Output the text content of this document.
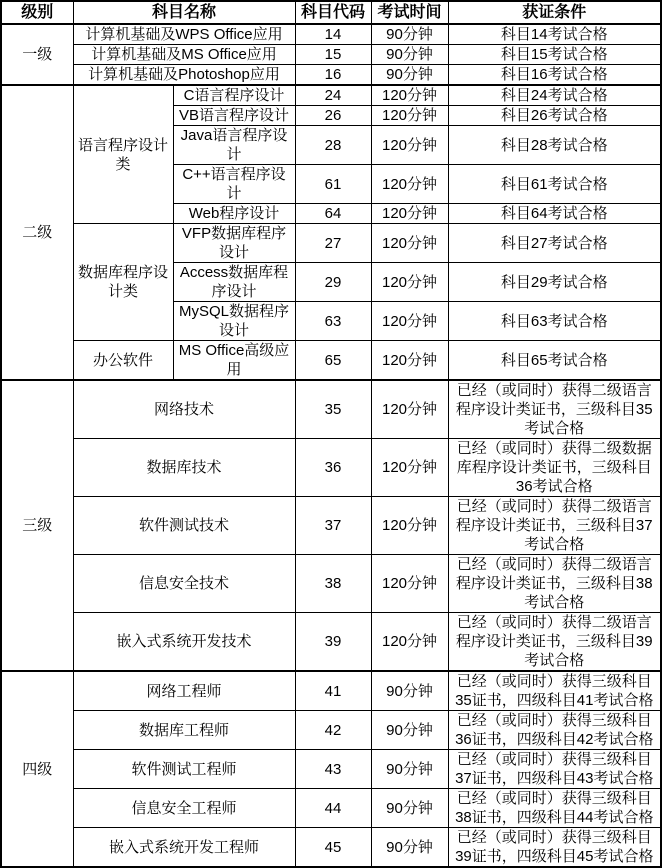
级别	科目名称		科目代码	考试时间	获证条件
一级	计算机基础及WPS Office应用		14	90分钟	科目14考试合格
	计算机基础及MS Office应用		15	90分钟	科目15考试合格
	计算机基础及Photoshop应用		16	90分钟	科目16考试合格
二级	语言程序设计类	C语言程序设计	24	120分钟	科目24考试合格
		VB语言程序设计	26	120分钟	科目26考试合格
		Java语言程序设计	28	120分钟	科目28考试合格
		C++语言程序设计	61	120分钟	科目61考试合格
		Web程序设计	64	120分钟	科目64考试合格
	数据库程序设计类	VFP数据库程序设计	27	120分钟	科目27考试合格
		Access数据库程序设计	29	120分钟	科目29考试合格
		MySQL数据程序设计	63	120分钟	科目63考试合格
	办公软件	MS Office高级应用	65	120分钟	科目65考试合格
三级	网络技术		35	120分钟	已经（或同时）获得二级语言程序设计类证书，三级科目35考试合格
	数据库技术		36	120分钟	已经（或同时）获得二级数据库程序设计类证书，三级科目36考试合格
	软件测试技术		37	120分钟	已经（或同时）获得二级语言程序设计类证书，三级科目37考试合格
	信息安全技术		38	120分钟	已经（或同时）获得二级语言程序设计类证书，三级科目38考试合格
	嵌入式系统开发技术		39	120分钟	已经（或同时）获得二级语言程序设计类证书，三级科目39考试合格
四级	网络工程师		41	90分钟	已经（或同时）获得三级科目35证书，四级科目41考试合格
	数据库工程师		42	90分钟	已经（或同时）获得三级科目36证书，四级科目42考试合格
	软件测试工程师		43	90分钟	已经（或同时）获得三级科目37证书，四级科目43考试合格
	信息安全工程师		44	90分钟	已经（或同时）获得三级科目38证书，四级科目44考试合格
	嵌入式系统开发工程师		45	90分钟	已经（或同时）获得三级科目39证书，四级科目45考试合格
